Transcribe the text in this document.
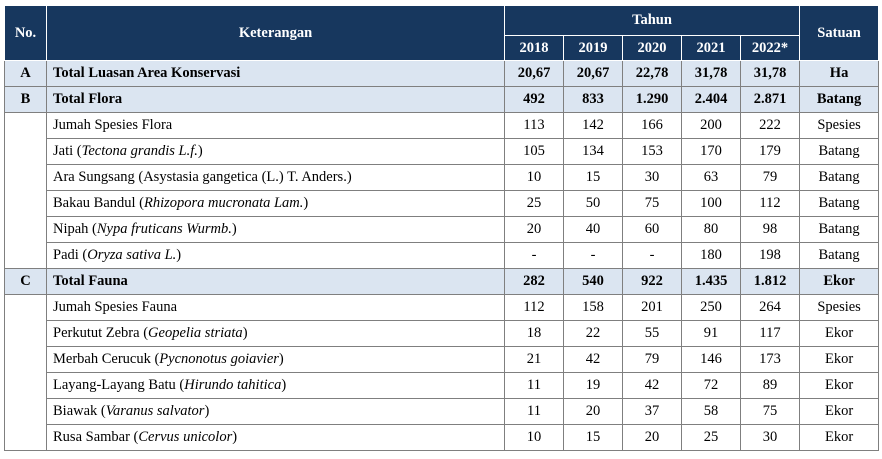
No.	Keterangan	Tahun					Satuan
		2018	2019	2020	2021	2022*	
A	Total Luasan Area Konservasi	20,67	20,67	22,78	31,78	31,78	Ha
B	Total Flora	492	833	1.290	2.404	2.871	Batang
	Jumah Spesies Flora	113	142	166	200	222	Spesies
	Jati (Tectona grandis L.f.)	105	134	153	170	179	Batang
	Ara Sungsang (Asystasia gangetica (L.) T. Anders.)	10	15	30	63	79	Batang
	Bakau Bandul (Rhizopora mucronata Lam.)	25	50	75	100	112	Batang
	Nipah (Nypa fruticans Wurmb.)	20	40	60	80	98	Batang
	Padi (Oryza sativa L.)	-	-	-	180	198	Batang
C	Total Fauna	282	540	922	1.435	1.812	Ekor
	Jumah Spesies Fauna	112	158	201	250	264	Spesies
	Perkutut Zebra (Geopelia striata)	18	22	55	91	117	Ekor
	Merbah Cerucuk (Pycnonotus goiavier)	21	42	79	146	173	Ekor
	Layang-Layang Batu (Hirundo tahitica)	11	19	42	72	89	Ekor
	Biawak (Varanus salvator)	11	20	37	58	75	Ekor
	Rusa Sambar (Cervus unicolor)	10	15	20	25	30	Ekor
